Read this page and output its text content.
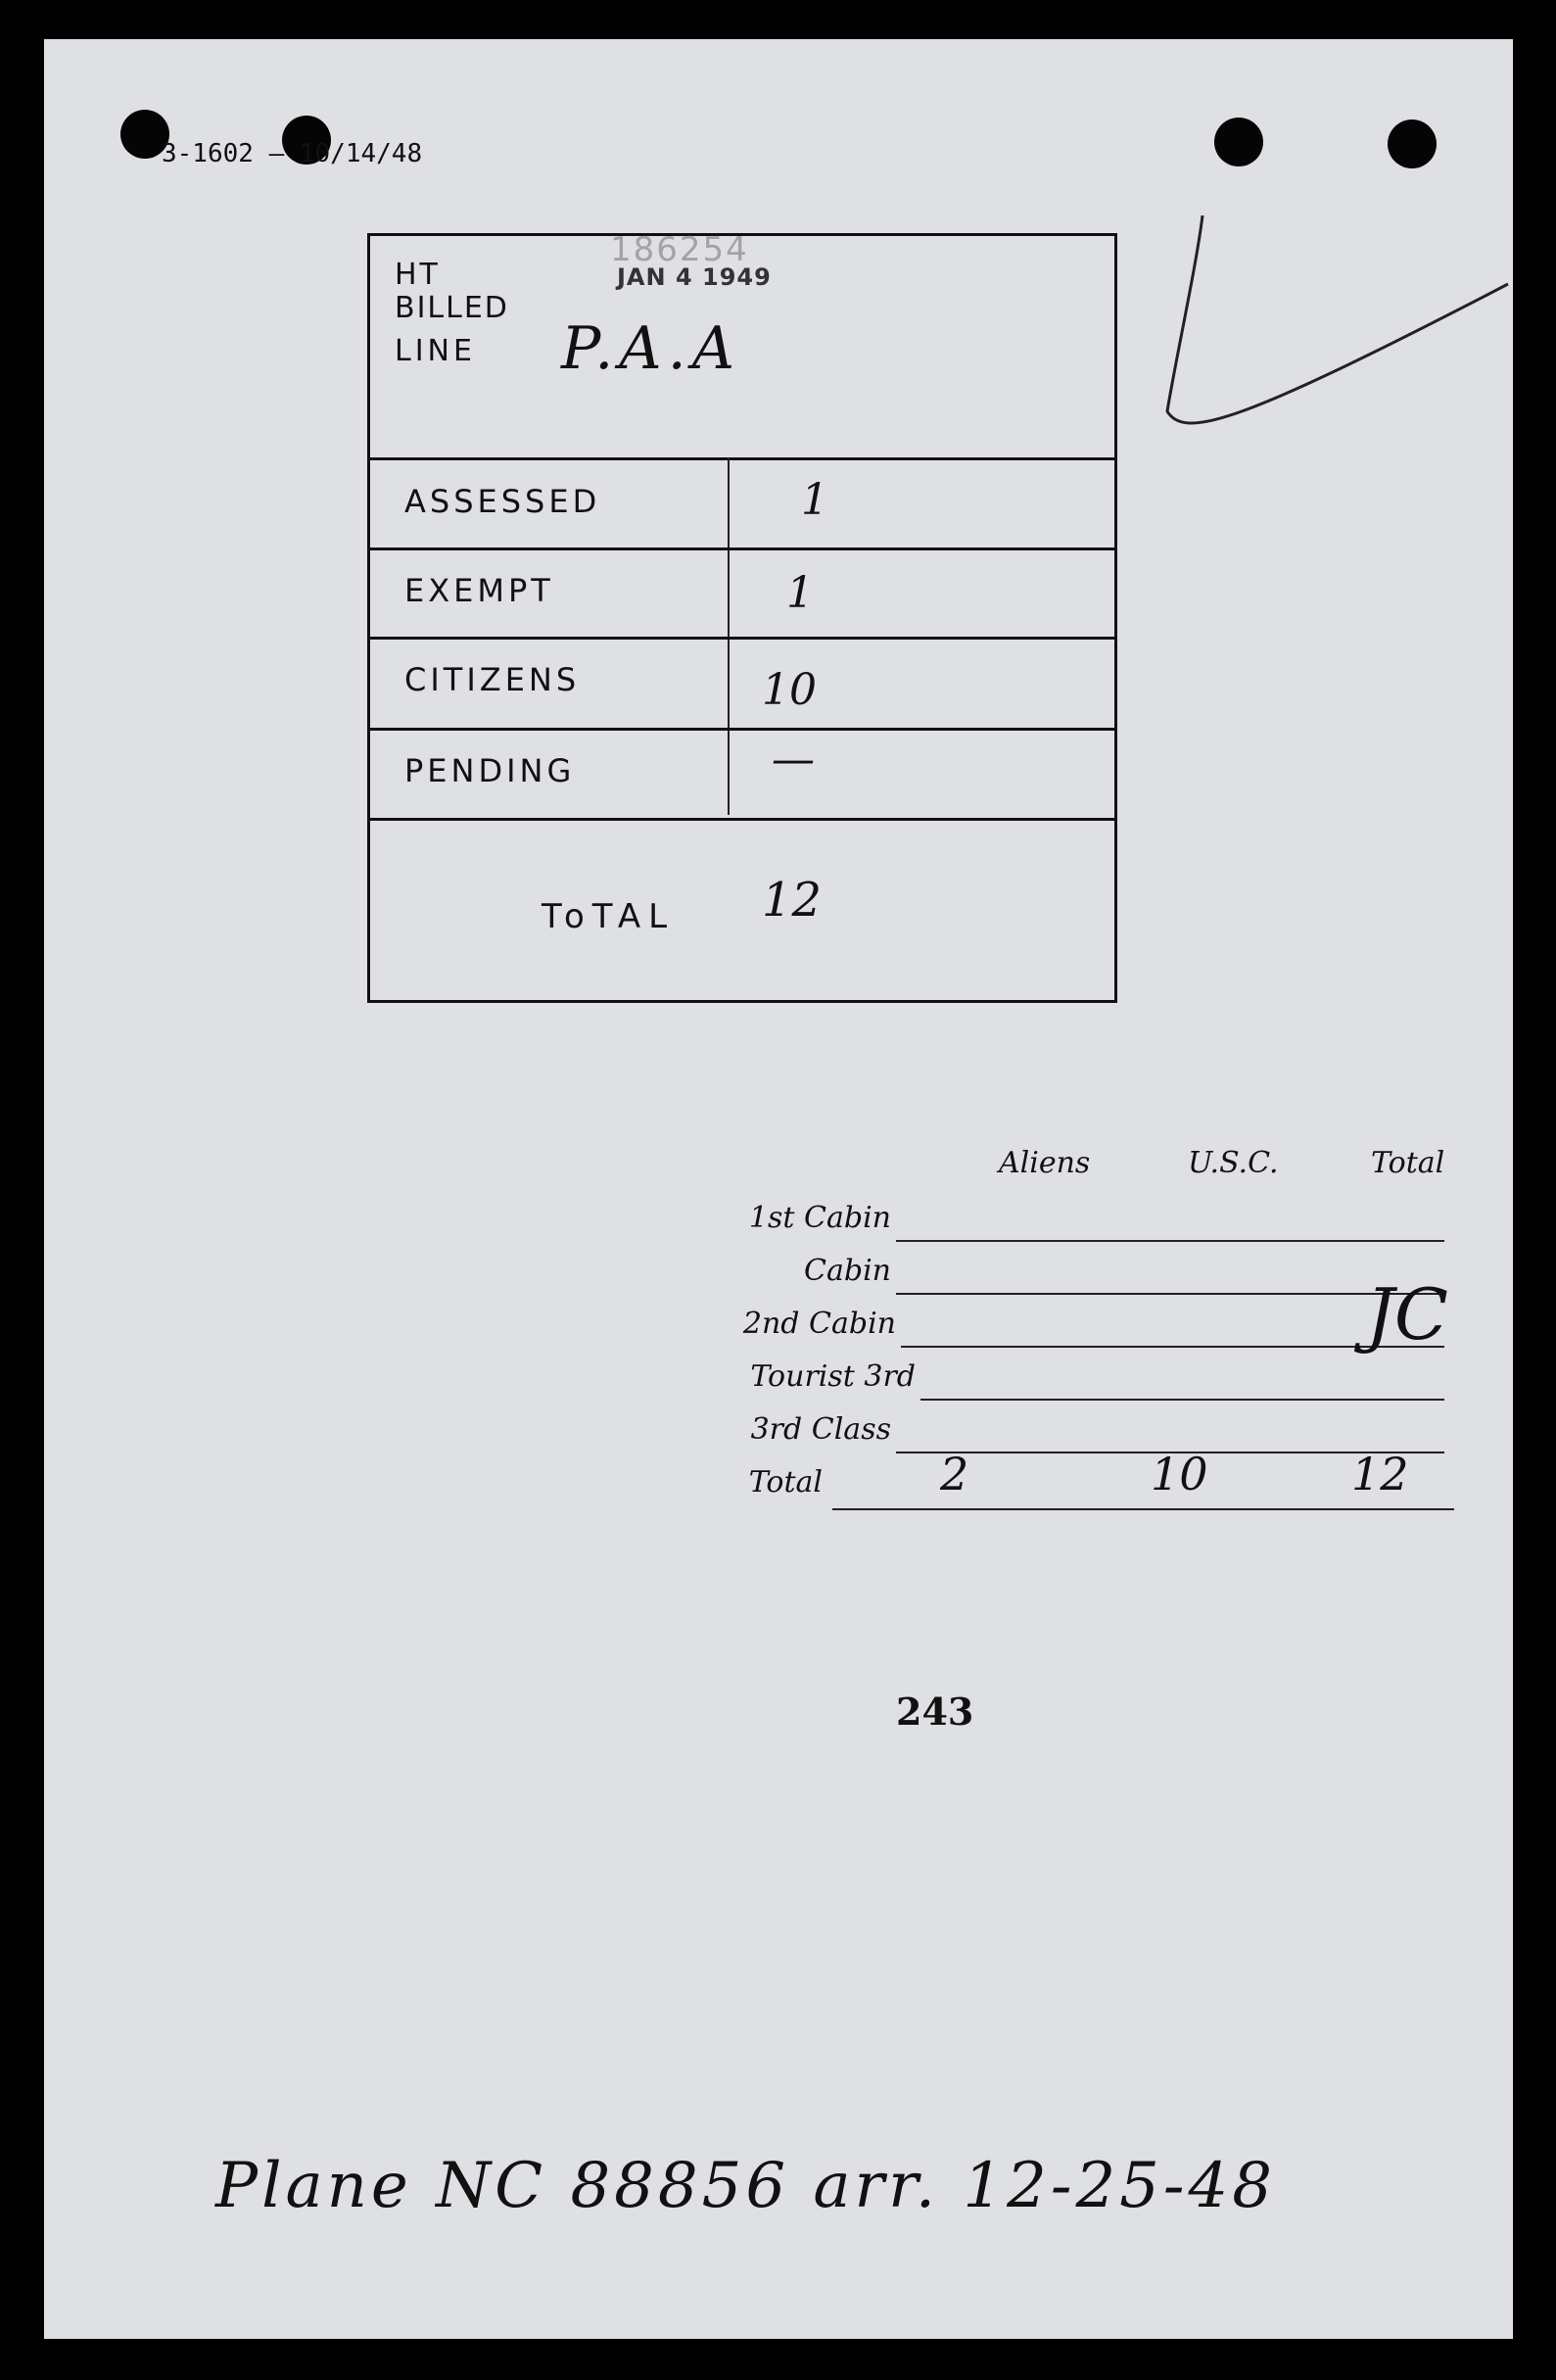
3-1602 — 10/14/48
186254
JAN 4 1949
HT
BILLED
LINE P.A.A
ASSESSED	1
EXEMPT	1
CITIZENS	10
PENDING	—
ToTAL 12
Aliens	U.S.C.	Total
1st Cabin
Cabin
2nd Cabin
Tourist 3rd
3rd Class
Total	2	10	12
JC
243
Plane NC 88856 arr. 12-25-48
